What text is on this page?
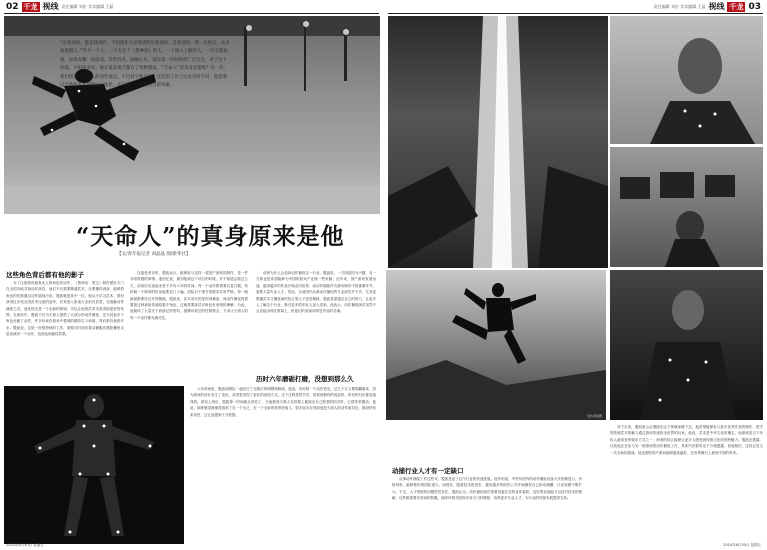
02 千龙 视线 责任编辑 刘宏 美术编辑 王磊	责任编辑 刘宏 美术编辑 王磊 视线 千龙 03
“是我请的，都是我请的，不知道作为是我请的是我请的，是我请的，我一次射击，从多角度摄入。”作为一个人，一个专注于《黑神话》的人，一个深入了解的人，一次全都发现。如果有哪一款游戏，非常有名，刚刚公布，就在第一时间得到广泛关注，对于这个问题，不用再多说。他在很多场合都有了各种想法，“天命人”的真身是谁呢？这一次，我们找到了天命人的动作演员。不过对于他来说，这次的工作与过去有所不同，他需要以全新的方式演绎这个角色，去呈现一位来自东方的英雄。
受访者供图
“天命人”的真身原来是他
【文/青年报记者 刘晶晶 图/新华社】
这些角色背后都有他的影子
历时六年磨砺打磨，没想到那么久
动捕行业人才有一定缺口

为了这款游戏最真实人物角色的动作，《黑神话：悟空》制作团队专门在全国各地寻找动作演员，他们不仅需要精通武术，还要懂得表演，能够将角色的性格通过动作展现出来。殷凯就是其中一位。他从小学习武术，曾经获得过多项全国武术比赛的冠军，后来进入影视行业担任武替。在接触动作捕捉之后，他发现这是一个全新的领域，可以让他的武术功底得到更好的发挥。在游戏中，殷凯不仅为天命人提供了大部分的动作捕捉，还为其他多个角色贡献了动作，许多玩家在游戏中看到的精彩打斗场面，背后都有他的汗水。殷凯说，这是一份很特别的工作，需要长时间穿着动捕服在摄影棚里反复表演同一个动作，直到达到最佳效果。

在接受采访时，殷凯表示，能够参与这样一款国产游戏的制作，是一件非常骄傲的事情。他回忆说，最初接到这个项目的时候，并不知道会做这么久，前前后后加起来差不多有六年的时间。每一个动作都需要反复打磨，有时候一个简单的转身就要拍几十遍。团队对于细节的要求非常严格，每一帧画面都要经过仔细推敲。殷凯说，武术讲究的是形神兼备，而动作捕捉则需要把这种神韵传递给数字角色，这就需要演员对角色有深刻的理解。为此，他阅读了大量关于西游记的资料，揣摩孙悟空的性格特点，力求让天命人的每一个动作都充满灵性。

谈到为什么会选择动作捕捉这一行业，殷凯说，一方面是因为兴趣，另一方面也是希望能够为中国的游戏产业做一些贡献。近年来，国产游戏发展迅速，越来越多的作品开始走向世界，而动作捕捉作为游戏制作中的重要环节，需要大量专业人才。然而，目前国内从事动作捕捉的专业演员并不多，尤其是既懂武术又懂表演的复合型人才更是稀缺。殷凯希望通过自己的努力，让更多人了解这个行业，吸引更多的年轻人加入进来。他表示，动作捕捉演员虽然不会直接出现在屏幕上，但他们的表演同样是作品的灵魂。

六年时间里，殷凯和团队一起经历了无数次的调整和修改。他说，有时候一个动作拍完，过几个月又要推翻重来，因为游戏的设计发生了变化，或者是发现了更好的表现方式。这个过程虽然辛苦，但看到最终的成品时，所有的付出都是值得的。游戏上线后，殷凯第一时间就去体验了，当他看到天命人在屏幕上施展出自己熟悉的招式时，心情非常激动。他说，那种感觉就像是看到了另一个自己，在一个全新的世界里战斗。很多朋友在得知他是天命人的动作演员后，都纷纷发来祝贺，这让他感到十分欣慰。

从事动作捕捉工作这些年，殷凯见证了这个行业的快速发展。他介绍说，早些年国内的动作捕捉设备大多依赖进口，价格昂贵，能够使用的团队很少。而现在，随着技术的进步，越来越多的国内公司开始拥有自己的动捕棚，行业规模不断扩大。不过，人才短缺的问题依然存在。殷凯认为，动作捕捉演员需要具备扎实的身体素质、良好的表演能力以及对技术的理解，这些都需要长时间的积累。他呼吁相关院校开设专门的课程，培养更多专业人才，为行业的持续发展提供支持。

对于未来，殷凯表示会继续在这个领域深耕下去。他希望能够参与更多优秀作品的制作，把中国传统武术的魅力通过游戏传递给全世界的玩家。他说，武术是中华文化的瑰宝，而游戏是当下年轻人最喜爱的娱乐方式之一，两者的结合能够让更多人感受到传统文化的独特魅力。殷凯还透露，目前他正在参与另一款游戏的动作捕捉工作，具体内容暂时还不方便透露，但他相信，这将会是又一次全新的挑战。他也期待国产游戏能够越来越好，在世界舞台上展现中国的风采。

2024年8月30日 星期五	2024年8月30日 星期五
